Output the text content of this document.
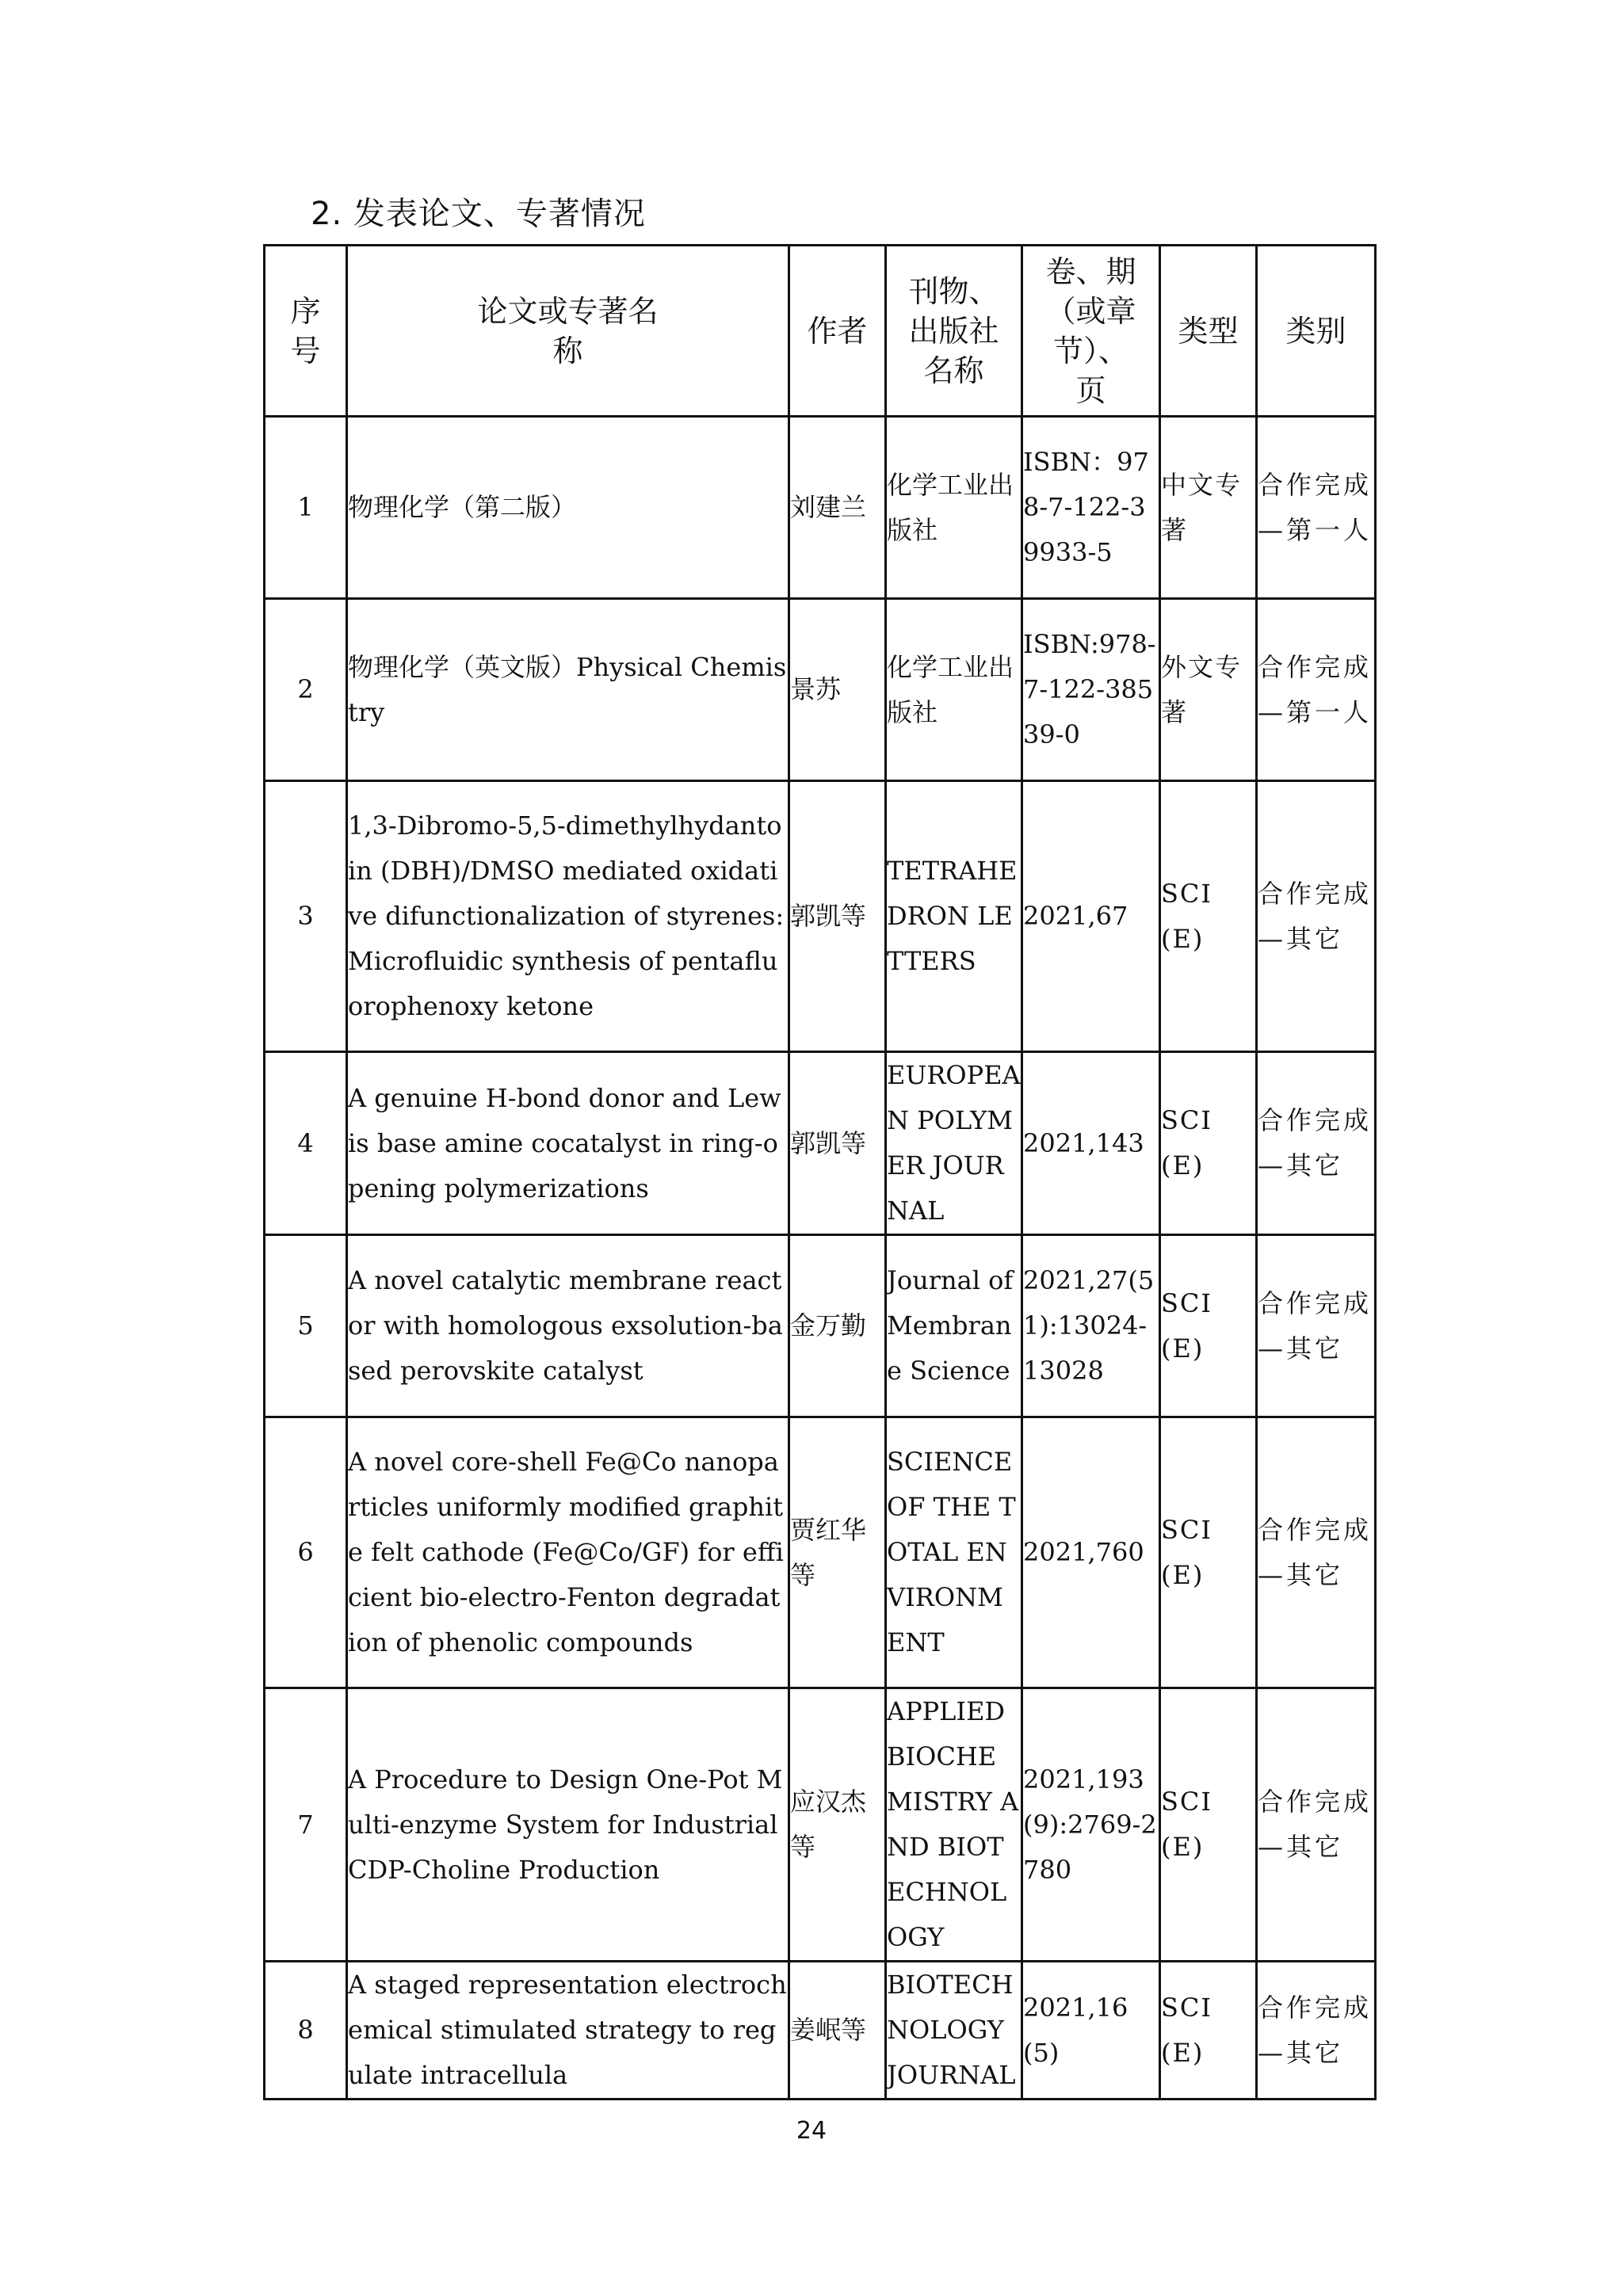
2. 发表论文、专著情况
序号	论文或专著名称	作者	刊物、出版社名称	卷、期（或章节）、页	类型	类别
1	物理化学（第二版）	刘建兰	化学工业出版社	ISBN：978-7-122-39933-5	中文专著	合作完成—第一人
2	物理化学（英文版）Physical Chemistry	景苏	化学工业出版社	ISBN:978-7-122-38539-0	外文专著	合作完成—第一人
3	1,3-Dibromo-5,5-dimethylhydantoin (DBH)/DMSO mediated oxidative difunctionalization of styrenes: Microfluidic synthesis of pentafluorophenoxy ketone	郭凯等	TETRAHEDRON LETTERS	2021,67	SCI(E)	合作完成—其它
4	A genuine H-bond donor and Lewis base amine cocatalyst in ring-opening polymerizations	郭凯等	EUROPEAN POLYMER JOURNAL	2021,143	SCI(E)	合作完成—其它
5	A novel catalytic membrane reactor with homologous exsolution-based perovskite catalyst	金万勤	Journal of Membrane Science	2021,27(51):13024-13028	SCI(E)	合作完成—其它
6	A novel core-shell Fe@Co nanoparticles uniformly modified graphite felt cathode (Fe@Co/GF) for efficient bio-electro-Fenton degradation of phenolic compounds	贾红华等	SCIENCE OF THE TOTAL ENVIRONMENT	2021,760	SCI(E)	合作完成—其它
7	A Procedure to Design One-Pot Multi-enzyme System for Industrial CDP-Choline Production	应汉杰等	APPLIED BIOCHEMISTRY AND BIOTECHNOLOGY	2021,193(9):2769-2780	SCI(E)	合作完成—其它
8	A staged representation electrochemical stimulated strategy to regulate intracellula	姜岷等	BIOTECHNOLOGY JOURNAL	2021,16(5)	SCI(E)	合作完成—其它
24
